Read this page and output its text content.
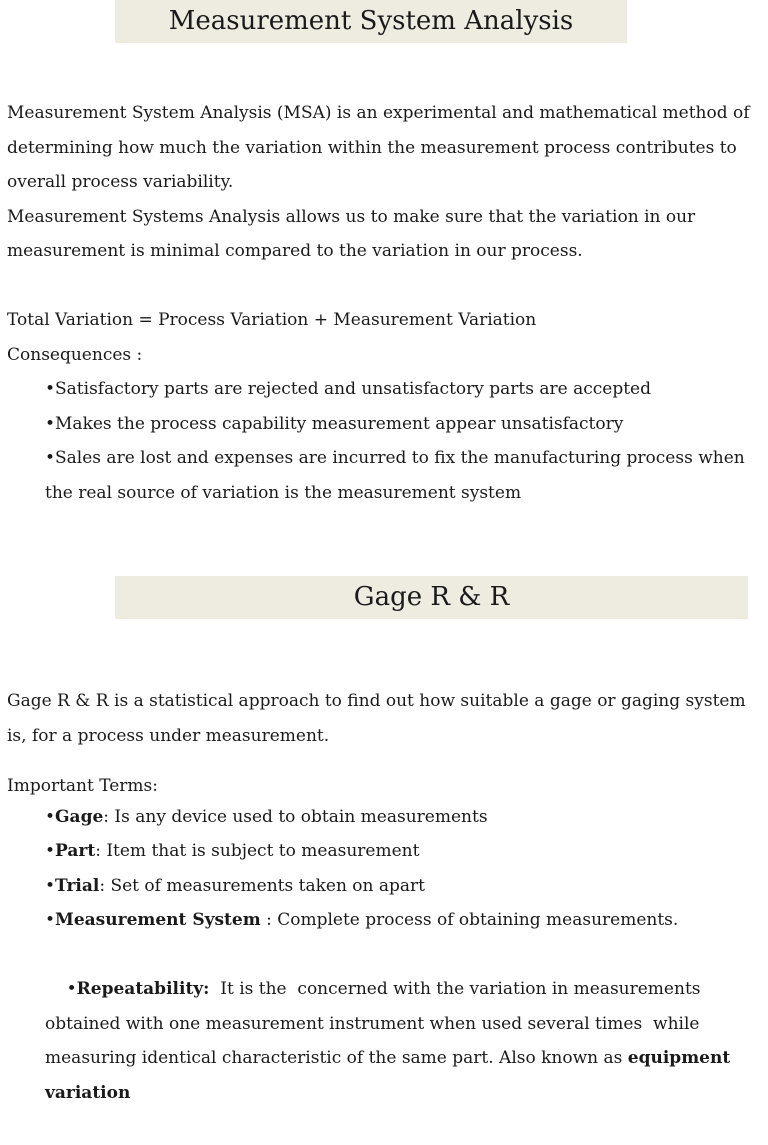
Measurement System Analysis

Measurement System Analysis (MSA) is an experimental and mathematical method of determining how much the variation within the measurement process contributes to overall process variability.

Measurement Systems Analysis allows us to make sure that the variation in our measurement is minimal compared to the variation in our process.

Total Variation = Process Variation + Measurement Variation

Consequences :

•Satisfactory parts are rejected and unsatisfactory parts are accepted

•Makes the process capability measurement appear unsatisfactory

•Sales are lost and expenses are incurred to fix the manufacturing process when the real source of variation is the measurement system

Gage R & R

Gage R & R is a statistical approach to find out how suitable a gage or gaging system is, for a process under measurement.

Important Terms:

•Gage: Is any device used to obtain measurements

•Part: Item that is subject to measurement

•Trial: Set of measurements taken on apart

•Measurement System : Complete process of obtaining measurements.

•Repeatability:  It is the  concerned with the variation in measurements obtained with one measurement instrument when used several times  while measuring identical characteristic of the same part. Also known as equipment variation
